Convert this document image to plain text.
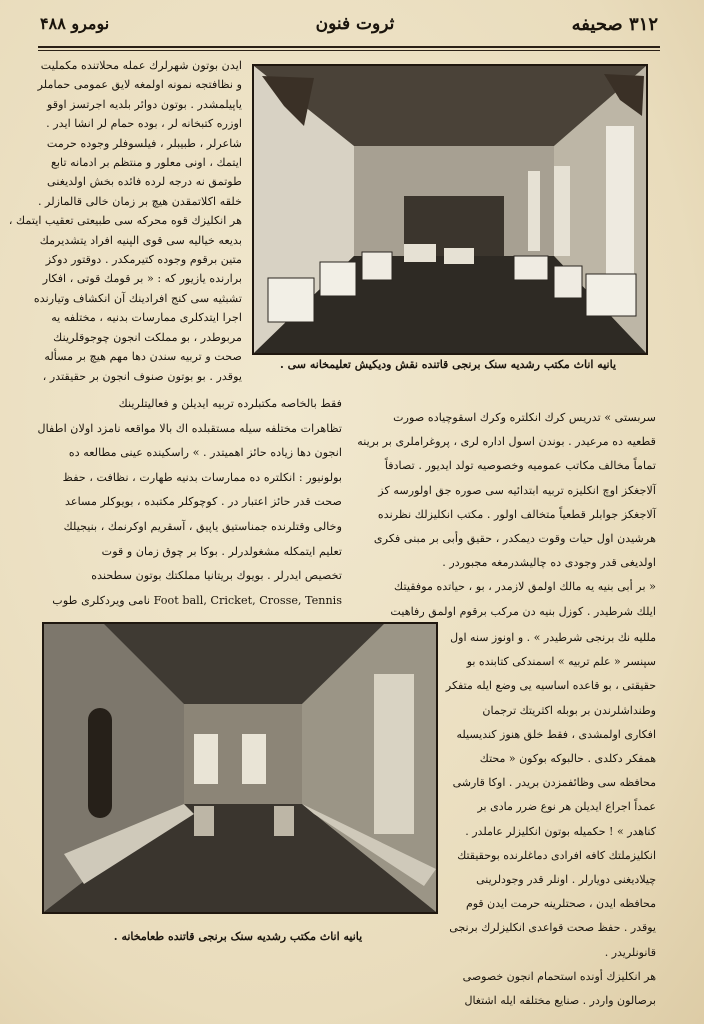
۳۱۲ صحیفه
ثروت فنون
نومرو ۴۸۸

ایدن بوتون شهرلرك عمله محلاتنده مکملیت

و نظافتجه نمونه اولمغه لایق عمومی حماملر

یاپیلمشدر . بوتون دوائر بلدیه اجرتسز اوقو

اوزره کتبخانه لر ، بوده حمام لر انشا ایدر .

شاعرلر ، طبیبلر ، فیلسوفلر وجوده حرمت

ایتمك ، اونی معلور و منتظم بر ادمانه تابع

طوتمق نه درجه لرده فائده بخش اولدیغنی

خلقه اکلاتمقدن هیچ بر زمان خالی قالمازلر .

هر انکلیزك قوه محرکه سی طبیعتی تعقیب ایتمك ،

بدیعه خیالیه سی قوی الپنیه افراد یتشدیرمك

متین برقوم وجوده کتیرمکدر . دوقتور دوکز

برارنده یازیور که : « بر قومك قوتی ، افکار

تشبثیه سی کنج افرادینك آن انکشاف وتیارنده

اجرا ایتدکلری ممارسات بدنیه ، مختلفه یه

مربوطدر ، بو مملکت انجون چوجوقلرینك

صحت و تربیه سندن دها مهم هیچ بر مسأله

یوقدر . بو بوتون صنوف انجون بر حقیقتدر ،

یانیه اناث مکتب رشدیه سنک برنجی قاتنده نقش ودیکیش تعلیمخانه سی .

فقط بالخاصه مکتبلرده تربیه ایدیلن و فعالیتلرینك

تظاهرات مختلفه سیله مستقبلده اك بالا مواقعه نامزد اولان اطفال

انجون دها زیاده حائز اهمیتدر . » راسکینده عینی مطالعه ده

بولونیور : انکلتره ده ممارسات بدنیه طهارت ، نظافت ، حفظ

صحت قدر حائز اعتبار در . کوچوکلر مکتبده ، بویوکلر مساعد

وخالی وقتلرنده جمناستیق یاپیق ، آسقریم اوکرنمك ، بنیجیلك

تعلیم ایتمکله مشغولدرلر . بوکا بر چوق زمان و قوت

تخصیص ایدرلر . بویوك بریتانیا مملکتك بوتون سطحنده

Foot ball, Cricket, Crosse, Tennis نامی ویردکلری طوب

سربستی » تدریس کرك انکلتره وکرك اسقوچیاده صورت

قطعیه ده مرعیدر . بوندن اسول اداره لری ، پروغراملری بر برینه

تماماً مخالف مکاتب عمومیه وخصوصیه تولد ایدیور . تصادفاً

آلاجغکز اوچ انکلیزه تربیه ابتدائیه سی صوره جق اولورسه کز

آلاجغکز جوابلر قطعیاً متخالف اولور . مکتب انکلیزلك نظرنده

هرشیدن اول حیات وقوت دیمکدر ، حقیق وأبی بر مبنی فکری

اولدیغی قدر وجودی ده چالیشدرمغه مجبوردر .

« بر أبی بنیه یه مالك اولمق لازمدر ، بو ، حیاتده موفقیتك

ایلك شرطیدر . کوزل بنیه دن مرکب برقوم اولمق رفاهیت

یانیه اناث مکتب رشدیه سنک برنجی قاتنده طعامخانه .

مللیه نك برنجی شرطیدر » . و اونوز سنه اول

سپنسر « علم تربیه » اسمندکی کتابنده بو

حقیقتی ، بو قاعده اساسیه یی وضع ایله متفکر

وطنداشلرندن بر بوبله اکثریتك ترجمان

افکاری اولمشدی ، فقط خلق هنوز کندیسیله

همفکر دکلدی . حالبوکه بوکون « محتك

محافظه سی وظائفمزدن بریدر . اوکا قارشی

عمداً اجراع ایدیلن هر نوع ضرر مادی بر

کناهدر » ! حکمیله بوتون انکلیزلر عاملدر .

انکلیزملتك کافه افرادی دماغلرنده بوحقیقتك

چیلادیغنی دویارلر . اونلر قدر وجودلرینی

محافظه ایدن ، صحتلرینه حرمت ایدن قوم

یوقدر . حفظ صحت قواعدی انکلیزلرك برنجی

قانونلریدر .

هر انکلیزك أونده استحمام انجون خصوصی

برصالون واردر . صنایع مختلفه ایله اشتغال
